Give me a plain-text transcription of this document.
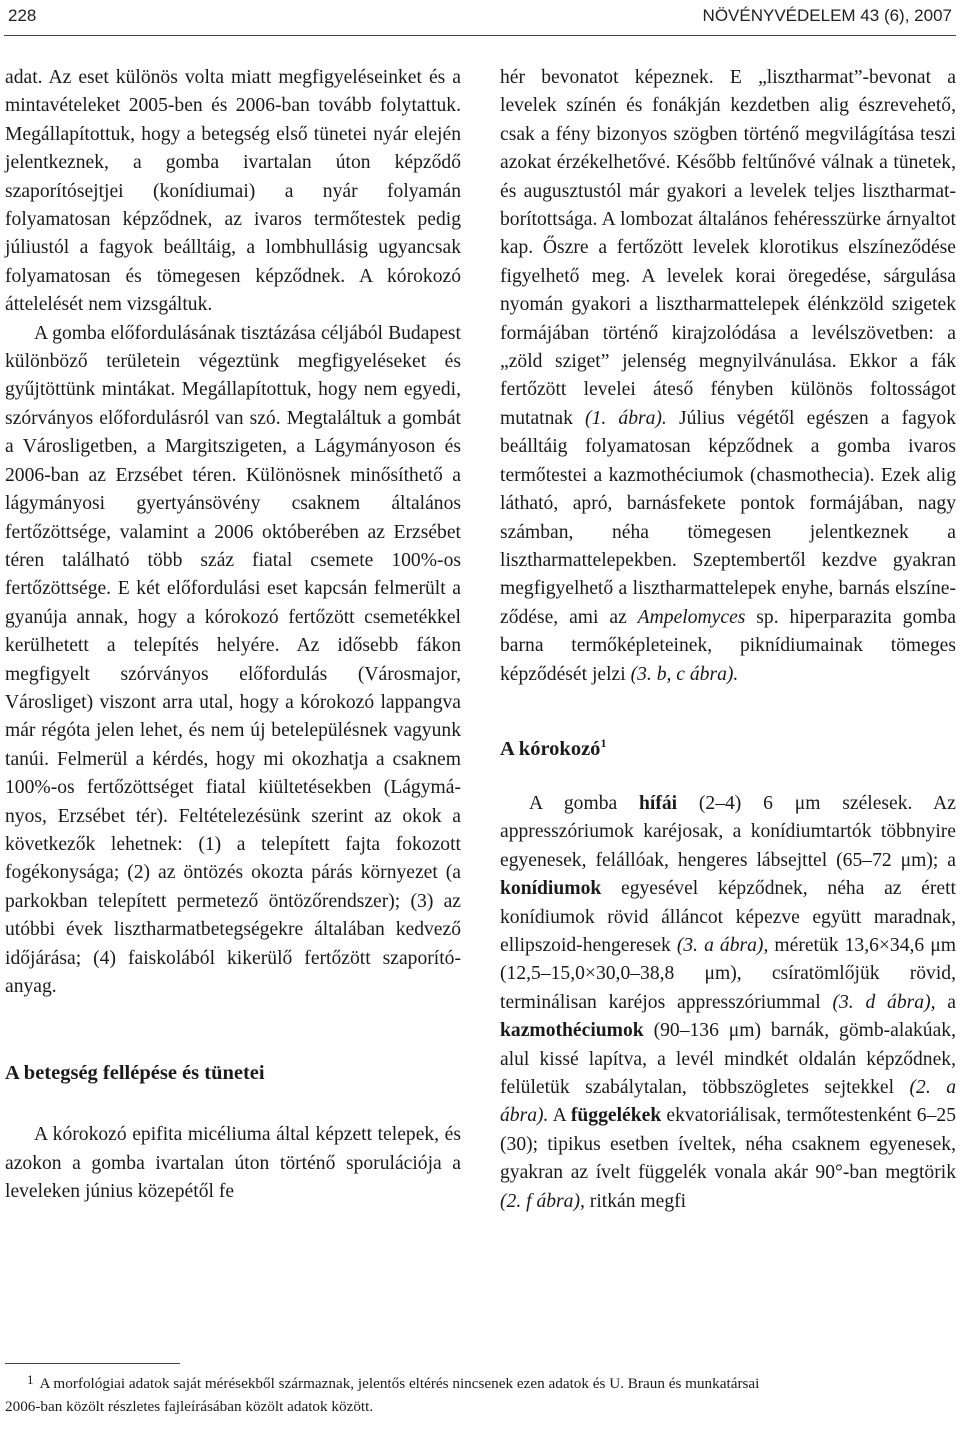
228	NÖVÉNYVÉDELEM 43 (6), 2007

adat. Az eset különös volta miatt megfigyeléseinket és a mintavételeket 2005-ben és 2006-ban tovább folytattuk. Megállapítottuk, hogy a betegség első tünetei nyár elején jelentkeznek, a gomba ivartalan úton képződő szaporítósejtjei (konídiumai) a nyár folyamán folyamatosan képződnek, az ivaros termőtestek pedig júliustól a fagyok beálltáig, a lombhullásig ugyancsak folyamatosan és tömegesen képződnek. A kórokozó áttelelését nem vizsgáltuk.

A gomba előfordulásának tisztázása céljából Budapest különböző területein végeztünk megfigyeléseket és gyűjtöttünk mintákat. Megállapítottuk, hogy nem egyedi, szórványos előfordulásról van szó. Megtaláltuk a gombát a Városligetben, a Margitszigeten, a Lágymányoson és 2006-ban az Erzsébet téren. Különösnek minősíthető a lágymányosi gyertyánsövény csaknem általános fertőzöttsége, valamint a 2006 októberében az Erzsébet téren található több száz fiatal csemete 100%-os fertőzöttsége. E két előfordulási eset kapcsán felmerült a gyanúja annak, hogy a kórokozó fertőzött csemetékkel kerülhetett a telepítés helyére. Az idősebb fákon megfigyelt szórványos előfordulás (Városmajor, Városliget) viszont arra utal, hogy a kórokozó lappangva már régóta jelen lehet, és nem új betelepülésnek vagyunk tanúi. Felmerül a kérdés, hogy mi okozhatja a csaknem 100%-os fertőzöttséget fiatal kiültetésekben (Lágymányos, Erzsébet tér). Feltételezésünk szerint az okok a következők lehetnek: (1) a telepített fajta fokozott fogékonysága; (2) az öntözés okozta párás környezet (a parkokban telepített permetező öntözőrendszer); (3) az utóbbi évek lisztharmatbetegségekre általában kedvező időjárása; (4) faiskolából kikerülő fertőzött szaporítóanyag.

A betegség fellépése és tünetei

A kórokozó epifita micéliuma által képzett telepek, és azokon a gomba ivartalan úton történő sporulációja a leveleken június közepétől fe

hér bevonatot képeznek. E „lisztharmat”-bevonat a levelek színén és fonákján kezdetben alig észrevehető, csak a fény bizonyos szögben történő megvilágítása teszi azokat érzékelhetővé. Később feltűnővé válnak a tünetek, és augusztustól már gyakori a levelek teljes lisztharmatborítottsága. A lombozat általános fehéresszürke árnyaltot kap. Őszre a fertőzött levelek klorotikus elszíneződése figyelhető meg. A levelek korai öregedése, sárgulása nyomán gyakori a lisztharmattelepek élénkzöld szigetek formájában történő kirajzolódása a levélszövetben: a „zöld sziget” jelenség megnyilvánulása. Ekkor a fák fertőzött levelei áteső fényben különös foltosságot mutatnak (1. ábra). Július végétől egészen a fagyok beálltáig folyamatosan képződnek a gomba ivaros termőtestei a kazmothéciumok (chasmothecia). Ezek alig látható, apró, barnásfekete pontok formájában, nagy számban, néha tömegesen jelentkeznek a lisztharmattelepekben. Szeptembertől kezdve gyakran megfigyelhető a lisztharmattelepek enyhe, barnás elszíneződése, ami az Ampelomyces sp. hiperparazita gomba barna termőképleteinek, piknídiumainak tömeges képződését jelzi (3. b, c ábra).

A kórokozó$^1$

A gomba hífái (2–4) 6 μm szélesek. Az appresszóriumok karéjosak, a konídiumtartók többnyire egyenesek, felállóak, hengeres lábsejttel (65–72 μm); a konídiumok egyesével képződnek, néha az érett konídiumok rövid álláncot képezve együtt maradnak, ellipszoid-hengeresek (3. a ábra), méretük 13,6×34,6 μm (12,5–15,0×30,0–38,8 μm), csíratömlőjük rövid, terminálisan karéjos appresszóriummal (3. d ábra), a kazmothéciumok (90–136 μm) barnák, gömb-alakúak, alul kissé lapítva, a levél mindkét oldalán képződnek, felületük szabálytalan, többszögletes sejtekkel (2. a ábra). A függelékek ekvatoriálisak, termőtestenként 6–25 (30); tipikus esetben íveltek, néha csaknem egyenesek, gyakran az ívelt függelék vonala akár 90°-ban megtörik (2. f ábra), ritkán megfi

1 A morfológiai adatok saját mérésekből származnak, jelentős eltérés nincsenek ezen adatok és U. Braun és munkatársai
2006-ban közölt részletes fajleírásában közölt adatok között.
